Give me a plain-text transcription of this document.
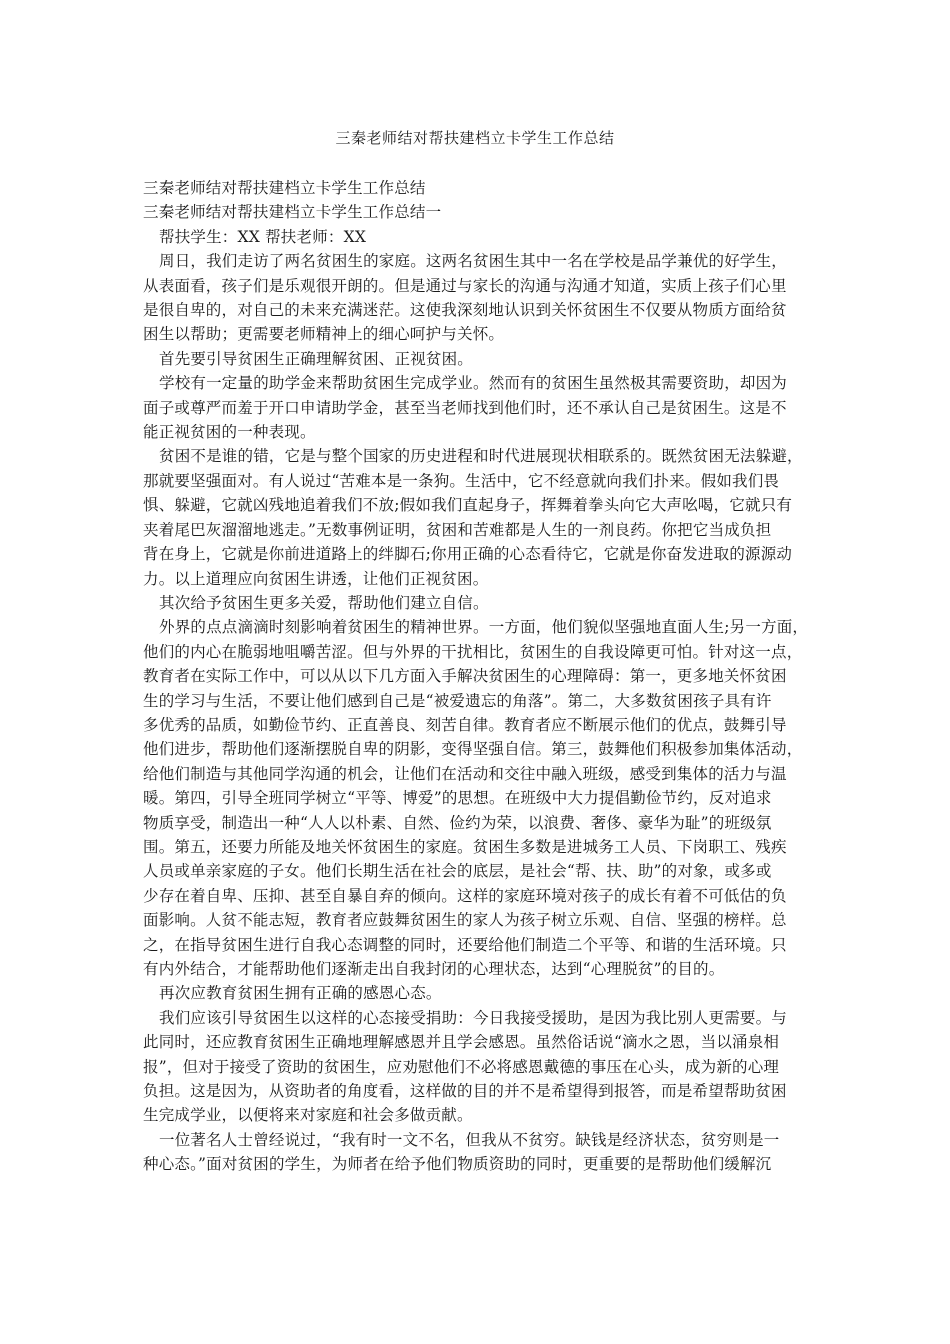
三秦老师结对帮扶建档立卡学生工作总结
三秦老师结对帮扶建档立卡学生工作总结
三秦老师结对帮扶建档立卡学生工作总结一
帮扶学生：XX 帮扶老师：XX
周日，我们走访了两名贫困生的家庭。这两名贫困生其中一名在学校是品学兼优的好学生，
从表面看，孩子们是乐观很开朗的。但是通过与家长的沟通与沟通才知道，实质上孩子们心里
是很自卑的，对自己的未来充满迷茫。这使我深刻地认识到关怀贫困生不仅要从物质方面给贫
困生以帮助；更需要老师精神上的细心呵护与关怀。
首先要引导贫困生正确理解贫困、正视贫困。
学校有一定量的助学金来帮助贫困生完成学业。然而有的贫困生虽然极其需要资助，却因为
面子或尊严而羞于开口申请助学金，甚至当老师找到他们时，还不承认自己是贫困生。这是不
能正视贫困的一种表现。
贫困不是谁的错，它是与整个国家的历史进程和时代进展现状相联系的。既然贫困无法躲避，
那就要坚强面对。有人说过“苦难本是一条狗。生活中，它不经意就向我们扑来。假如我们畏
惧、躲避，它就凶残地追着我们不放;假如我们直起身子，挥舞着拳头向它大声吆喝，它就只有
夹着尾巴灰溜溜地逃走。”无数事例证明，贫困和苦难都是人生的一剂良药。你把它当成负担
背在身上，它就是你前进道路上的绊脚石;你用正确的心态看待它，它就是你奋发进取的源源动
力。以上道理应向贫困生讲透，让他们正视贫困。
其次给予贫困生更多关爱，帮助他们建立自信。
外界的点点滴滴时刻影响着贫困生的精神世界。一方面，他们貌似坚强地直面人生;另一方面，
他们的内心在脆弱地咀嚼苦涩。但与外界的干扰相比，贫困生的自我设障更可怕。针对这一点，
教育者在实际工作中，可以从以下几方面入手解决贫困生的心理障碍：第一，更多地关怀贫困
生的学习与生活，不要让他们感到自己是“被爱遗忘的角落”。第二，大多数贫困孩子具有许
多优秀的品质，如勤俭节约、正直善良、刻苦自律。教育者应不断展示他们的优点，鼓舞引导
他们进步，帮助他们逐渐摆脱自卑的阴影，变得坚强自信。第三，鼓舞他们积极参加集体活动，
给他们制造与其他同学沟通的机会，让他们在活动和交往中融入班级，感受到集体的活力与温
暖。第四，引导全班同学树立“平等、博爱”的思想。在班级中大力提倡勤俭节约，反对追求
物质享受，制造出一种“人人以朴素、自然、俭约为荣，以浪费、奢侈、豪华为耻”的班级氛
围。第五，还要力所能及地关怀贫困生的家庭。贫困生多数是进城务工人员、下岗职工、残疾
人员或单亲家庭的子女。他们长期生活在社会的底层，是社会“帮、扶、助”的对象，或多或
少存在着自卑、压抑、甚至自暴自弃的倾向。这样的家庭环境对孩子的成长有着不可低估的负
面影响。人贫不能志短，教育者应鼓舞贫困生的家人为孩子树立乐观、自信、坚强的榜样。总
之，在指导贫困生进行自我心态调整的同时，还要给他们制造二个平等、和谐的生活环境。只
有内外结合，才能帮助他们逐渐走出自我封闭的心理状态，达到“心理脱贫”的目的。
再次应教育贫困生拥有正确的感恩心态。
我们应该引导贫困生以这样的心态接受捐助：今日我接受援助，是因为我比别人更需要。与
此同时，还应教育贫困生正确地理解感恩并且学会感恩。虽然俗话说“滴水之恩，当以涌泉相
报”，但对于接受了资助的贫困生，应劝慰他们不必将感恩戴德的事压在心头，成为新的心理
负担。这是因为，从资助者的角度看，这样做的目的并不是希望得到报答，而是希望帮助贫困
生完成学业，以便将来对家庭和社会多做贡献。
一位著名人士曾经说过，“我有时一文不名，但我从不贫穷。缺钱是经济状态，贫穷则是一
种心态。”面对贫困的学生，为师者在给予他们物质资助的同时，更重要的是帮助他们缓解沉
